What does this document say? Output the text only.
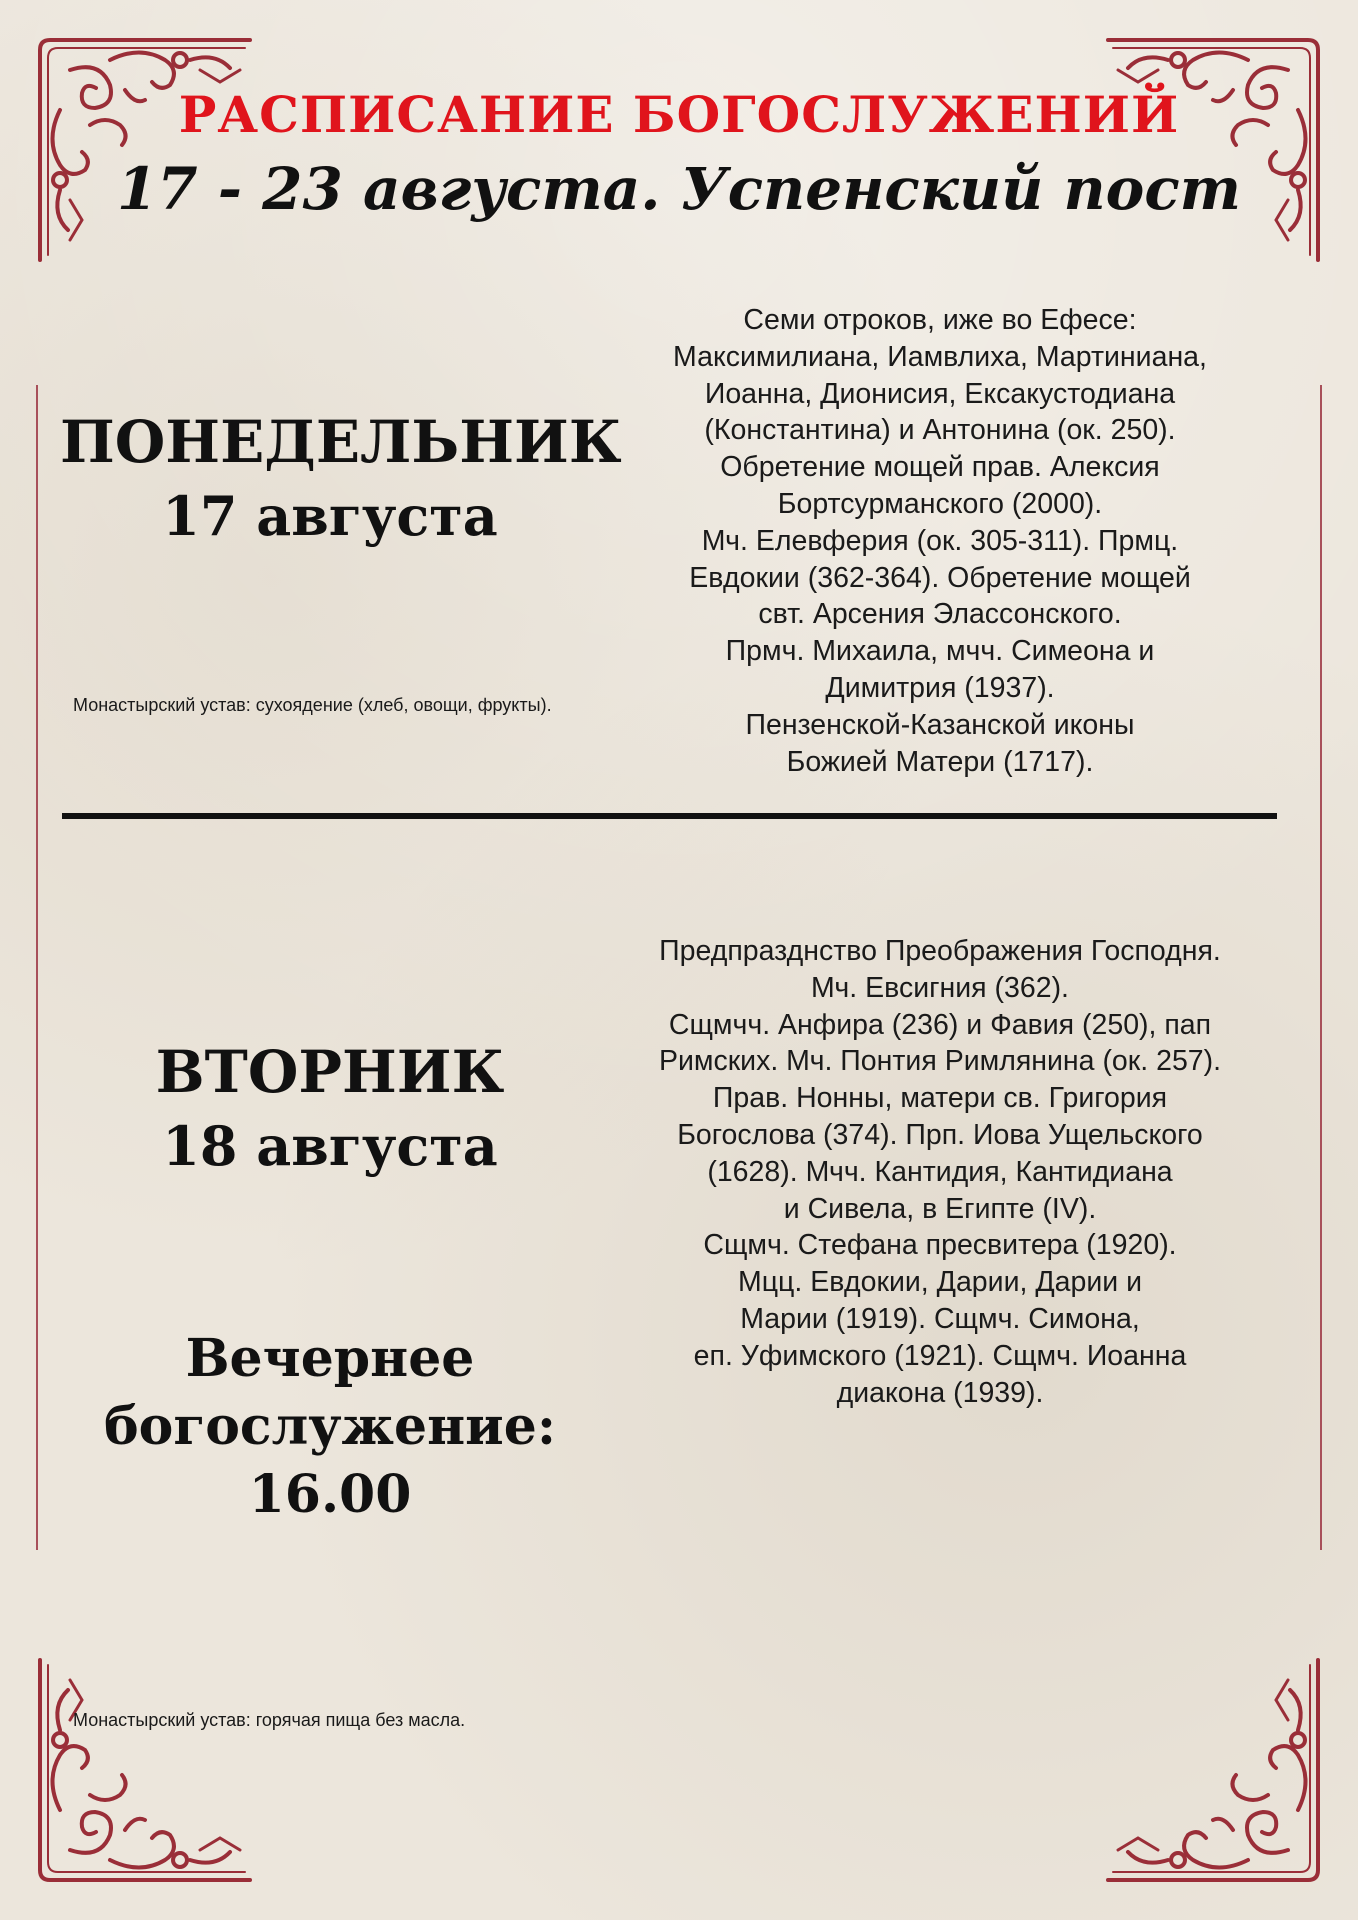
РАСПИСАНИЕ БОГОСЛУЖЕНИЙ
17 - 23 августа. Успенский пост
ПОНЕДЕЛЬНИК
17 августа
Семи отроков, иже во Ефесе:
Максимилиана, Иамвлиха, Мартиниана,
Иоанна, Дионисия, Ексакустодиана
(Константина) и Антонина (ок. 250).
Обретение мощей прав. Алексия
Бортсурманского (2000).
Мч. Елевферия (ок. 305-311). Прмц.
Евдокии (362-364). Обретение мощей
свт. Арсения Элассонского.
Прмч. Михаила, мчч. Симеона и
Димитрия (1937).
Пензенской-Казанской иконы
Божией Матери (1717).
Монастырский устав: сухоядение (хлеб, овощи, фрукты).
ВТОРНИК
18 августа
Предпразднство Преображения Господня.
Мч. Евсигния (362).
Сщмчч. Анфира (236) и Фавия (250), пап
Римских. Мч. Понтия Римлянина (ок. 257).
Прав. Нонны, матери св. Григория
Богослова (374). Прп. Иова Ущельского
(1628). Мчч. Кантидия, Кантидиана
и Сивела, в Египте (IV).
Сщмч. Стефана пресвитера (1920).
Мцц. Евдокии, Дарии, Дарии и
Марии (1919). Сщмч. Симона,
еп. Уфимского (1921). Сщмч. Иоанна
диакона (1939).
Вечернее
богослужение:
16.00
Монастырский устав: горячая пища без масла.
